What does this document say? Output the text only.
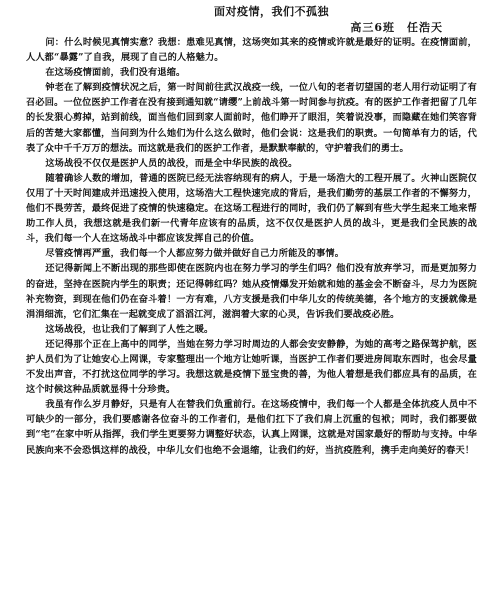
面对疫情，我们不孤独
高三6班　任浩天

问：什么时候见真情实意？我想：患难见真情，这场突如其来的疫情或许就是最好的证明。在疫情面前，人人都“暴露”了自我，展现了自己的人格魅力。

在这场疫情面前，我们没有退缩。

钟老在了解到疫情状况之后，第一时间前往武汉战疫一线，一位八旬的老者切望国的老人用行动证明了有召必回。一位位医护工作者在没有接到通知就“请缨”上前战斗第一时间参与抗疫。有的医护工作者把留了几年的长发狠心剪掉，站到前线，面当他们回到家人面前时，他们睁开了眼泪，笑着说没事，而隐藏在她们笑容背后的苦楚大家都懂，当问到为什么她们为什么这么做时，他们会说：这是我们的职责。一句简单有力的话，代表了众中千千万万的想法。而这就是我们的医护工作者，是默默奉献的，守护着我们的勇士。

这场战役不仅仅是医护人员的战役，而是全中华民族的战役。

随着确诊人数的增加，普通的医院已经无法容纳现有的病人，于是一场浩大的工程开展了。火神山医院仅仅用了十天时间建成并迅速投入使用，这场浩大工程快速完成的背后，是我们勤劳的基层工作者的不懈努力，他们不畏劳苦，最终促进了疫情的快速稳定。在这场工程进行的同时，我们仍了解到有些大学生起来工地来帮助工作人员，我想这就是我们新一代青年应该有的品质，这不仅仅是医护人员的战斗，更是我们全民族的战斗，我们每一个人在这场战斗中都应该发挥自己的价值。

尽管疫情再严重，我们每一个人都应努力做并做好自己力所能及的事情。

还记得新闻上不断出现的那些即使在医院内也在努力学习的学生们吗？他们没有放弃学习，而是更加努力的奋进，坚持在医院内学生的职责；还记得韩红吗？她从疫情爆发开始就和她的基金会不断奋斗，尽力为医院补充物资，到现在他们仍在奋斗着！一方有难，八方支援是我们中华儿女的传统美德，各个地方的支援就像是涓涓细流，它们汇集在一起就变成了滔滔江河，滋润着大家的心灵，告诉我们要战疫必胜。

这场战役，也让我们了解到了人性之暖。

还记得那个正在上高中的同学，当她在努力学习时周边的人都会安安静静，为她的高考之路保驾护航，医护人员们为了让她安心上网课，专家整理出一个地方让她听课，当医护工作者们要进房间取东西时，也会尽量不发出声音，不打扰这位同学的学习。我想这就是疫情下显宝贵的善，为他人着想是我们都应具有的品质，在这个时候这种品质就显得十分珍贵。

我虽有作么岁月静好，只是有人在替我们负重前行。在这场疫情中，我们每一个人都是全体抗疫人员中不可缺少的一部分，我们要感谢各位奋斗的工作者们，是他们扛下了我们肩上沉重的包袱；同时，我们都要做到“宅”在家中听从指挥，我们学生更要努力调整好状态，认真上网课，这就是对国家最好的帮助与支持。中华民族向来不会恐惧这样的战役，中华儿女们也绝不会退缩，让我们约好，当抗疫胜利，携手走向美好的春天！
